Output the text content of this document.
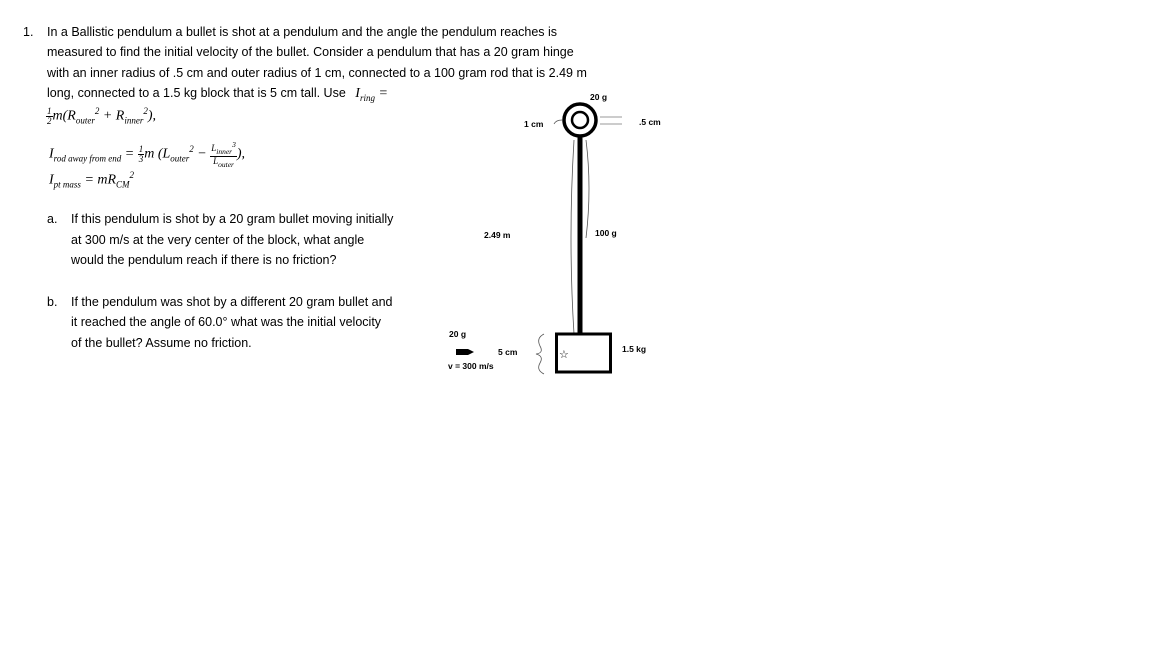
1. In a Ballistic pendulum a bullet is shot at a pendulum and the angle the pendulum reaches is
measured to find the initial velocity of the bullet. Consider a pendulum that has a 20 gram hinge
with an inner radius of .5 cm and outer radius of 1 cm, connected to a 100 gram rod that is 2.49 m
long, connected to a 1.5 kg block that is 5 cm tall. Use $I_{ring}$ =
$\frac{1}{2} m(R_{outer}^2 + R_{inner}^2)$,
$I_{rod away from end} = \frac{1}{3}$ m ($L_{outer}^2 - \frac{L_{inner}^3}{L_{outer}}$ ),
$I_{pt mass} = mR_{CM}^2$
a. If this pendulum is shot by a 20 gram bullet moving initially
at 300 m/s at the very center of the block, what angle
would the pendulum reach if there is no friction?
b. If the pendulum was shot by a different 20 gram bullet and
it reached the angle of 60.0° what was the initial velocity
of the bullet? Assume no friction.
20 g
1 cm	.5 cm
2.49 m	100 g
1.5 kg
5 cm
20 g
v = 300 m/s
☆
